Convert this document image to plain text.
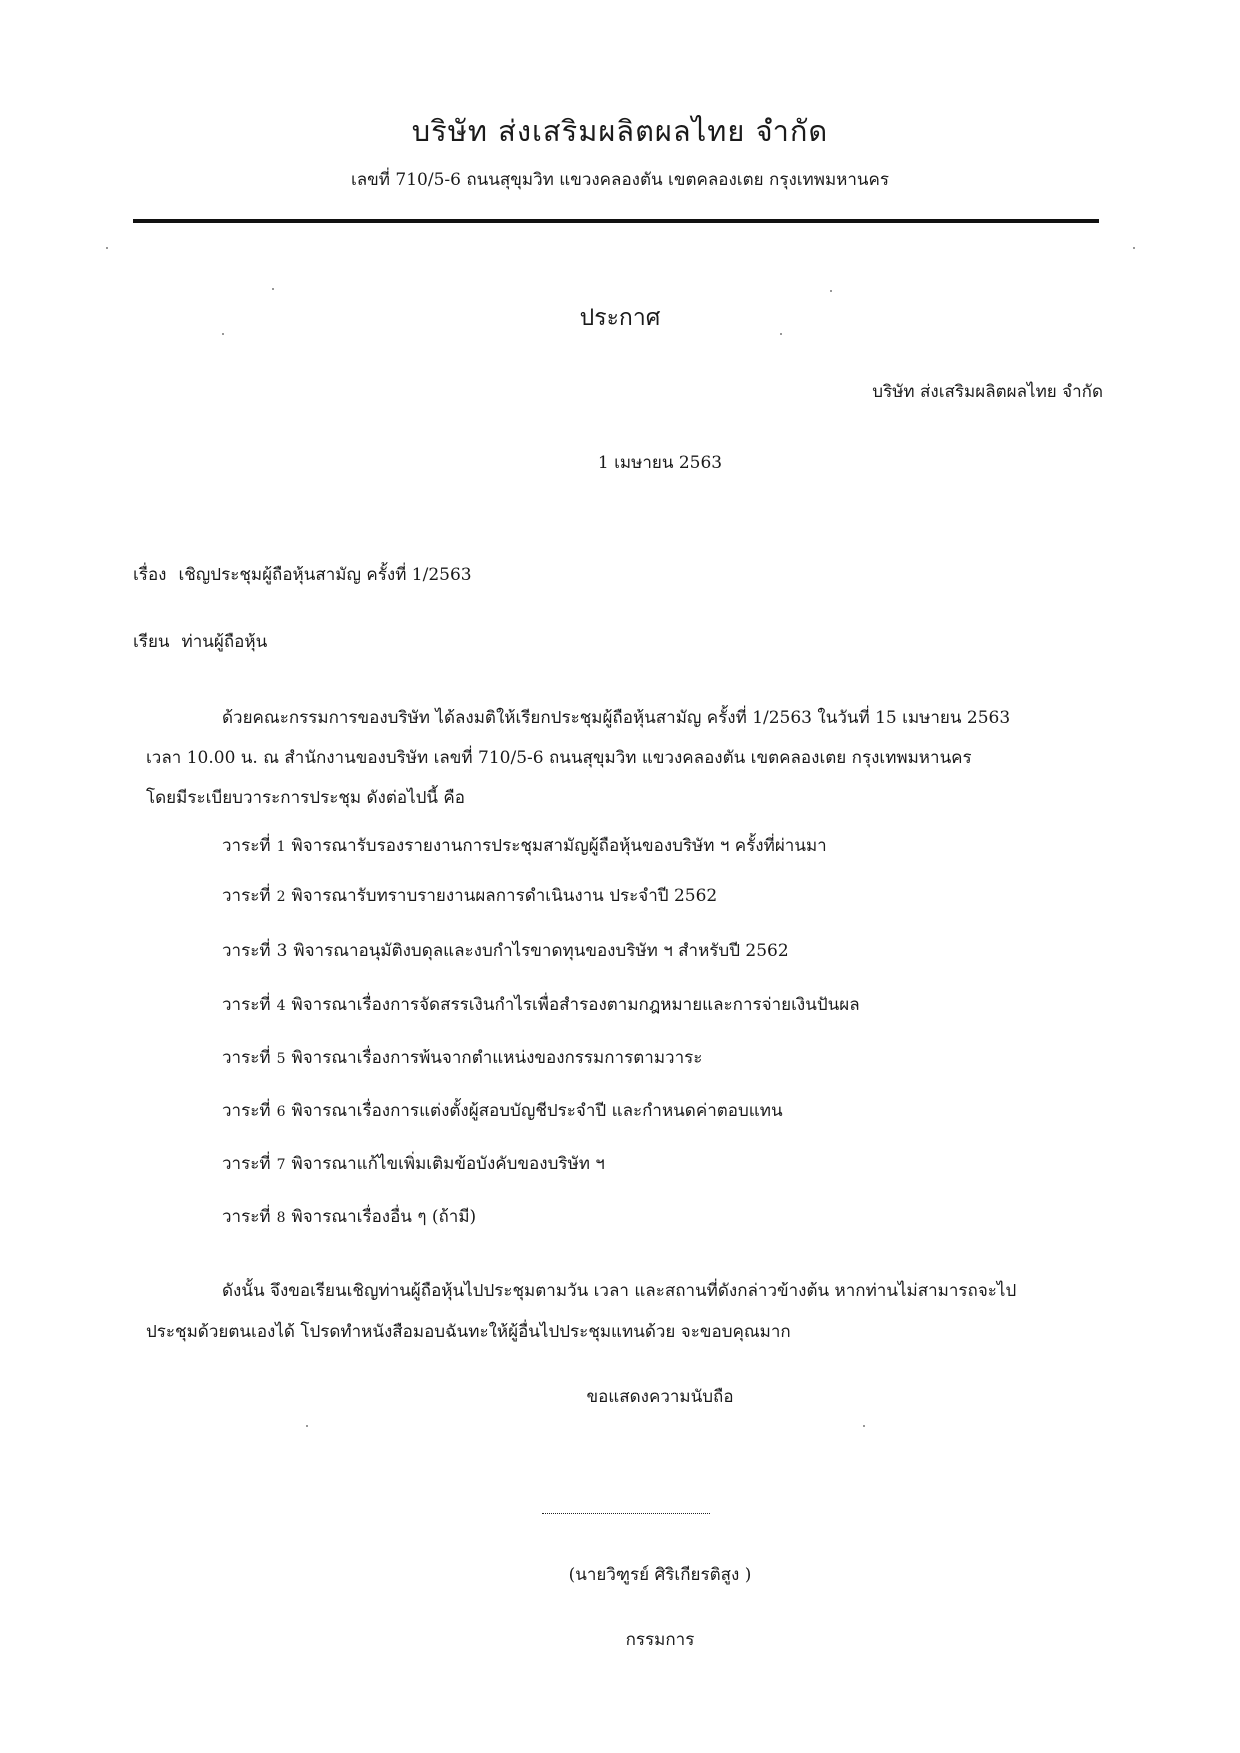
บริษัท ส่งเสริมผลิตผลไทย จำกัด
เลขที่ 710/5-6 ถนนสุขุมวิท แขวงคลองตัน เขตคลองเตย กรุงเทพมหานคร
ประกาศ
บริษัท ส่งเสริมผลิตผลไทย จำกัด
1 เมษายน 2563
เรื่อง เชิญประชุมผู้ถือหุ้นสามัญ ครั้งที่ 1/2563
เรียน ท่านผู้ถือหุ้น
ด้วยคณะกรรมการของบริษัท ได้ลงมติให้เรียกประชุมผู้ถือหุ้นสามัญ ครั้งที่ 1/2563 ในวันที่ 15 เมษายน 2563
เวลา 10.00 น. ณ สำนักงานของบริษัท เลขที่ 710/5-6 ถนนสุขุมวิท แขวงคลองตัน เขตคลองเตย กรุงเทพมหานคร
โดยมีระเบียบวาระการประชุม ดังต่อไปนี้ คือ
วาระที่ 1 พิจารณารับรองรายงานการประชุมสามัญผู้ถือหุ้นของบริษัท ฯ ครั้งที่ผ่านมา
วาระที่ 2 พิจารณารับทราบรายงานผลการดำเนินงาน ประจำปี 2562
วาระที่ 3 พิจารณาอนุมัติงบดุลและงบกำไรขาดทุนของบริษัท ฯ สำหรับปี 2562
วาระที่ 4 พิจารณาเรื่องการจัดสรรเงินกำไรเพื่อสำรองตามกฎหมายและการจ่ายเงินปันผล
วาระที่ 5 พิจารณาเรื่องการพ้นจากตำแหน่งของกรรมการตามวาระ
วาระที่ 6 พิจารณาเรื่องการแต่งตั้งผู้สอบบัญชีประจำปี และกำหนดค่าตอบแทน
วาระที่ 7 พิจารณาแก้ไขเพิ่มเติมข้อบังคับของบริษัท ฯ
วาระที่ 8 พิจารณาเรื่องอื่น ๆ (ถ้ามี)
ดังนั้น จึงขอเรียนเชิญท่านผู้ถือหุ้นไปประชุมตามวัน เวลา และสถานที่ดังกล่าวข้างต้น หากท่านไม่สามารถจะไป
ประชุมด้วยตนเองได้ โปรดทำหนังสือมอบฉันทะให้ผู้อื่นไปประชุมแทนด้วย จะขอบคุณมาก
ขอแสดงความนับถือ
(นายวิฑูรย์ ศิริเกียรติสูง )
กรรมการ
